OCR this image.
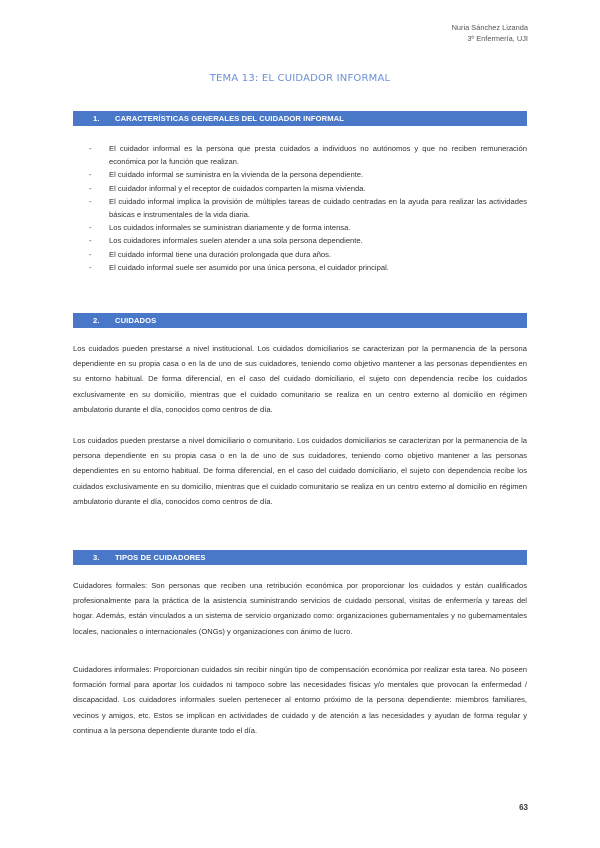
Nuria Sánchez Lizanda
3º Enfermería, UJI
TEMA 13: EL CUIDADOR INFORMAL
1. CARACTERÍSTICAS GENERALES DEL CUIDADOR INFORMAL
- El cuidador informal es la persona que presta cuidados a individuos no autónomos y que no reciben remuneración económica por la función que realizan.
- El cuidado informal se suministra en la vivienda de la persona dependiente.
- El cuidador informal y el receptor de cuidados comparten la misma vivienda.
- El cuidado informal implica la provisión de múltiples tareas de cuidado centradas en la ayuda para realizar las actividades básicas e instrumentales de la vida diaria.
- Los cuidados informales se suministran diariamente y de forma intensa.
- Los cuidadores informales suelen atender a una sola persona dependiente.
- El cuidado informal tiene una duración prolongada que dura años.
- El cuidado informal suele ser asumido por una única persona, el cuidador principal.
2. CUIDADOS

Los cuidados pueden prestarse a nivel institucional. Los cuidados domiciliarios se caracterizan por la permanencia de la persona dependiente en su propia casa o en la de uno de sus cuidadores, teniendo como objetivo mantener a las personas dependientes en su entorno habitual. De forma diferencial, en el caso del cuidado domiciliario, el sujeto con dependencia recibe los cuidados exclusivamente en su domicilio, mientras que el cuidado comunitario se realiza en un centro externo al domicilio en régimen ambulatorio durante el día, conocidos como centros de día.

Los cuidados pueden prestarse a nivel domiciliario o comunitario. Los cuidados domiciliarios se caracterizan por la permanencia de la persona dependiente en su propia casa o en la de uno de sus cuidadores, teniendo como objetivo mantener a las personas dependientes en su entorno habitual. De forma diferencial, en el caso del cuidado domiciliario, el sujeto con dependencia recibe los cuidados exclusivamente en su domicilio, mientras que el cuidado comunitario se realiza en un centro externo al domicilio en régimen ambulatorio durante el día, conocidos como centros de día.

3. TIPOS DE CUIDADORES

Cuidadores formales: Son personas que reciben una retribución económica por proporcionar los cuidados y están cualificados profesionalmente para la práctica de la asistencia suministrando servicios de cuidado personal, visitas de enfermería y tareas del hogar. Además, están vinculados a un sistema de servicio organizado como: organizaciones gubernamentales y no gubernamentales locales, nacionales o internacionales (ONGs) y organizaciones con ánimo de lucro.

Cuidadores informales: Proporcionan cuidados sin recibir ningún tipo de compensación económica por realizar esta tarea. No poseen formación formal para aportar los cuidados ni tampoco sobre las necesidades físicas y/o mentales que provocan la enfermedad / discapacidad. Los cuidadores informales suelen pertenecer al entorno próximo de la persona dependiente: miembros familiares, vecinos y amigos, etc. Estos se implican en actividades de cuidado y de atención a las necesidades y ayudan de forma regular y continua a la persona dependiente durante todo el día.

63
